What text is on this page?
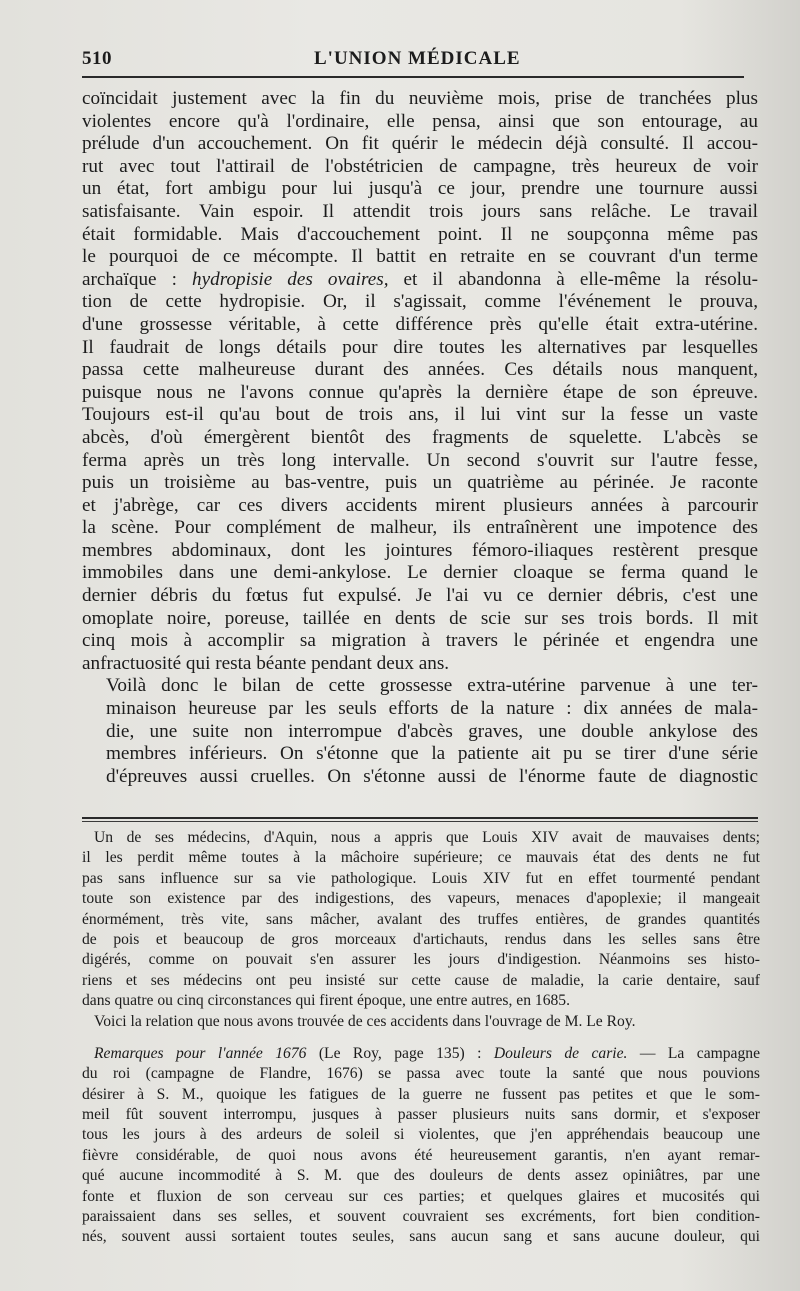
510	L'UNION MÉDICALE

coïncidait justement avec la fin du neuvième mois, prise de tranchées plus
violentes encore qu'à l'ordinaire, elle pensa, ainsi que son entourage, au
prélude d'un accouchement. On fit quérir le médecin déjà consulté. Il accou-
rut avec tout l'attirail de l'obstétricien de campagne, très heureux de voir
un état, fort ambigu pour lui jusqu'à ce jour, prendre une tournure aussi
satisfaisante. Vain espoir. Il attendit trois jours sans relâche. Le travail
était formidable. Mais d'accouchement point. Il ne soupçonna même pas
le pourquoi de ce mécompte. Il battit en retraite en se couvrant d'un terme
archaïque : hydropisie des ovaires, et il abandonna à elle-même la résolu-
tion de cette hydropisie. Or, il s'agissait, comme l'événement le prouva,
d'une grossesse véritable, à cette différence près qu'elle était extra-utérine.
Il faudrait de longs détails pour dire toutes les alternatives par lesquelles
passa cette malheureuse durant des années. Ces détails nous manquent,
puisque nous ne l'avons connue qu'après la dernière étape de son épreuve.
Toujours est-il qu'au bout de trois ans, il lui vint sur la fesse un vaste
abcès, d'où émergèrent bientôt des fragments de squelette. L'abcès se
ferma après un très long intervalle. Un second s'ouvrit sur l'autre fesse,
puis un troisième au bas-ventre, puis un quatrième au périnée. Je raconte
et j'abrège, car ces divers accidents mirent plusieurs années à parcourir
la scène. Pour complément de malheur, ils entraînèrent une impotence des
membres abdominaux, dont les jointures fémoro-iliaques restèrent presque
immobiles dans une demi-ankylose. Le dernier cloaque se ferma quand le
dernier débris du fœtus fut expulsé. Je l'ai vu ce dernier débris, c'est une
omoplate noire, poreuse, taillée en dents de scie sur ses trois bords. Il mit
cinq mois à accomplir sa migration à travers le périnée et engendra une
anfractuosité qui resta béante pendant deux ans.

Voilà donc le bilan de cette grossesse extra-utérine parvenue à une ter-
minaison heureuse par les seuls efforts de la nature : dix années de mala-
die, une suite non interrompue d'abcès graves, une double ankylose des
membres inférieurs. On s'étonne que la patiente ait pu se tirer d'une série
d'épreuves aussi cruelles. On s'étonne aussi de l'énorme faute de diagnostic

Un de ses médecins, d'Aquin, nous a appris que Louis XIV avait de mauvaises dents;
il les perdit même toutes à la mâchoire supérieure; ce mauvais état des dents ne fut
pas sans influence sur sa vie pathologique. Louis XIV fut en effet tourmenté pendant
toute son existence par des indigestions, des vapeurs, menaces d'apoplexie; il mangeait
énormément, très vite, sans mâcher, avalant des truffes entières, de grandes quantités
de pois et beaucoup de gros morceaux d'artichauts, rendus dans les selles sans être
digérés, comme on pouvait s'en assurer les jours d'indigestion. Néanmoins ses histo-
riens et ses médecins ont peu insisté sur cette cause de maladie, la carie dentaire, sauf
dans quatre ou cinq circonstances qui firent époque, une entre autres, en 1685.
Voici la relation que nous avons trouvée de ces accidents dans l'ouvrage de M. Le Roy.
Remarques pour l'année 1676 (Le Roy, page 135) : Douleurs de carie. — La campagne
du roi (campagne de Flandre, 1676) se passa avec toute la santé que nous pouvions
désirer à S. M., quoique les fatigues de la guerre ne fussent pas petites et que le som-
meil fût souvent interrompu, jusques à passer plusieurs nuits sans dormir, et s'exposer
tous les jours à des ardeurs de soleil si violentes, que j'en appréhendais beaucoup une
fièvre considérable, de quoi nous avons été heureusement garantis, n'en ayant remar-
qué aucune incommodité à S. M. que des douleurs de dents assez opiniâtres, par une
fonte et fluxion de son cerveau sur ces parties; et quelques glaires et mucosités qui
paraissaient dans ses selles, et souvent couvraient ses excréments, fort bien condition-
nés, souvent aussi sortaient toutes seules, sans aucun sang et sans aucune douleur, qui
